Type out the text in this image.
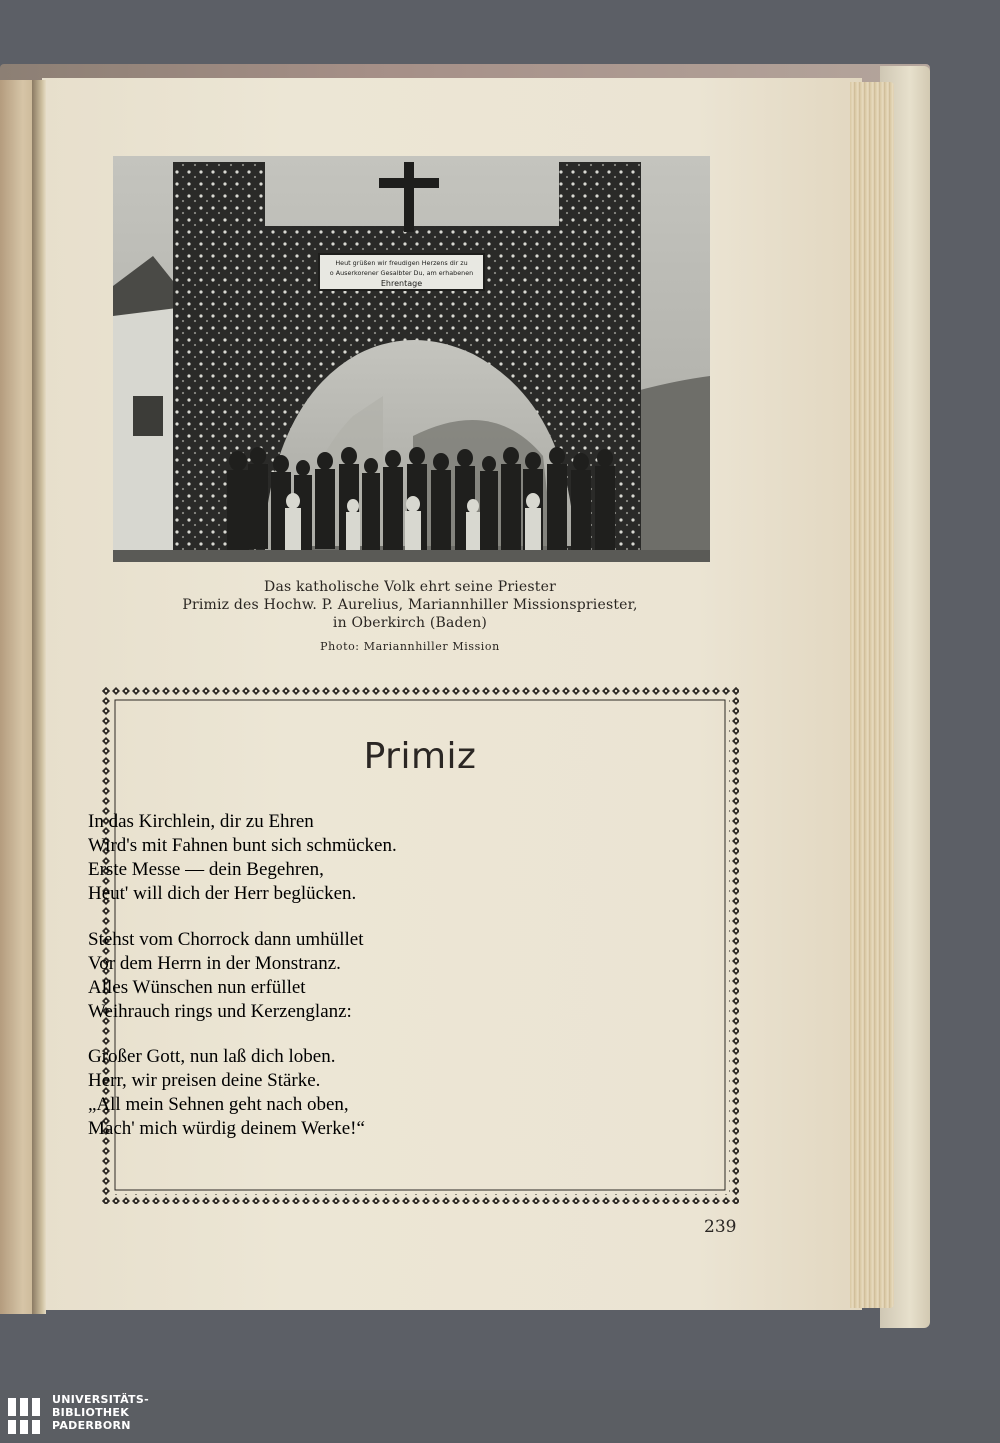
Heut grüßen wir freudigen Herzens dir zu
o Auserkorener Gesalbter Du, am erhabenen
Ehrentage
Das katholische Volk ehrt seine Priester
Primiz des Hochw. P. Aurelius, Mariannhiller Missionspriester,
in Oberkirch (Baden)
Photo: Mariannhiller Mission
Primiz
In das Kirchlein, dir zu Ehren
Wird's mit Fahnen bunt sich schmücken.
Erste Messe — dein Begehren,
Heut' will dich der Herr beglücken.
Stehst vom Chorrock dann umhüllet
Vor dem Herrn in der Monstranz.
Alles Wünschen nun erfüllet
Weihrauch rings und Kerzenglanz:
Großer Gott, nun laß dich loben.
Herr, wir preisen deine Stärke.
„All mein Sehnen geht nach oben,
Mach' mich würdig deinem Werke!“
239
UNIVERSITÄTS-
BIBLIOTHEK
PADERBORN
